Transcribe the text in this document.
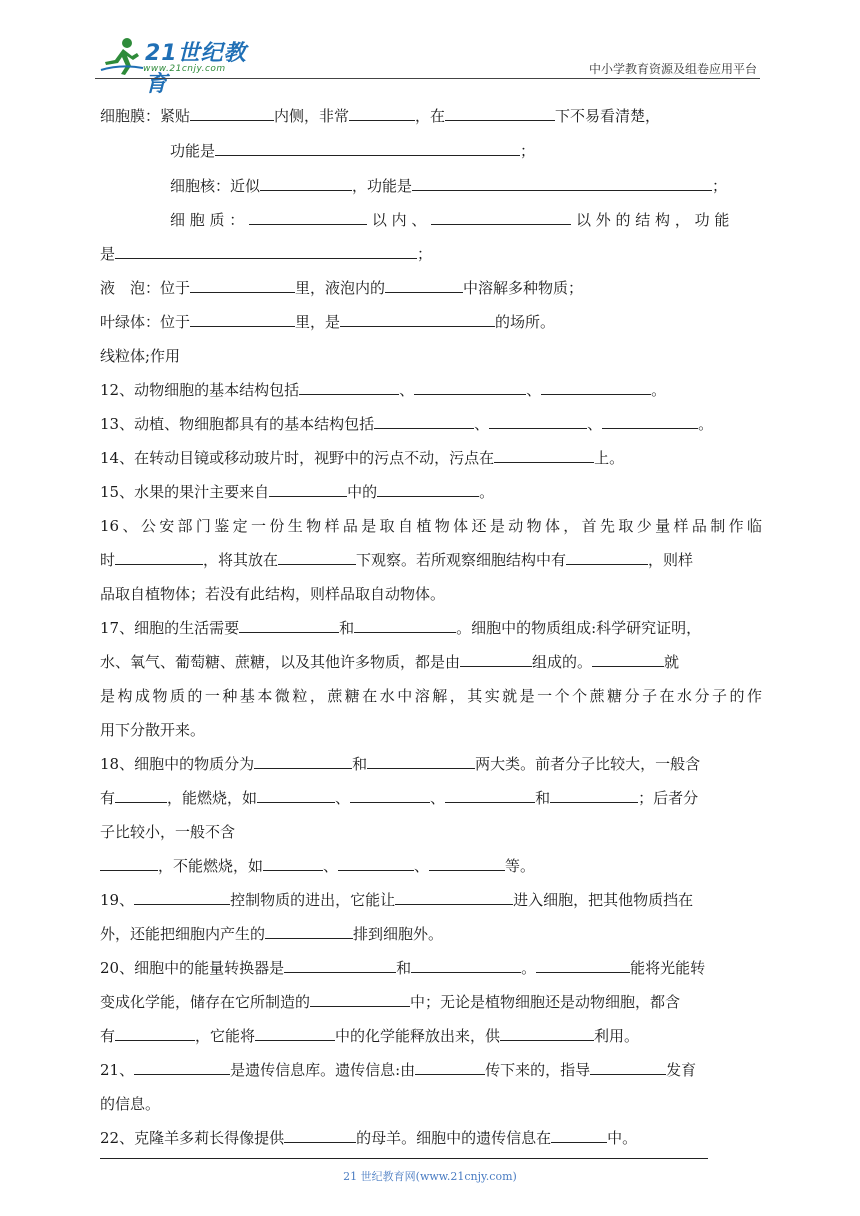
21世纪教育
www.21cnjy.com	中小学教育资源及组卷应用平台
细胞膜：紧贴	内侧，非常	，在	下不易看清楚，
功能是	；
细胞核：近似	，功能是	；
细 胞 质 ：	以 内 、	以 外 的 结 构 ， 功 能
是	；
液　泡：位于	里，液泡内的	中溶解多种物质；
叶绿体：位于	里，是	的场所。
线粒体;作用
12、动物细胞的基本结构包括	、	、	。
13、动植、物细胞都具有的基本结构包括	、	、	。
14、在转动目镜或移动玻片时，视野中的污点不动，污点在	上。
15、水果的果汁主要来自	中的	。
16、公安部门鉴定一份生物样品是取自植物体还是动物体，首先取少量样品制作临
时	，将其放在	下观察。若所观察细胞结构中有	，则样
品取自植物体；若没有此结构，则样品取自动物体。
17、细胞的生活需要	和	。细胞中的物质组成:科学研究证明，
水、氧气、葡萄糖、蔗糖，以及其他许多物质，都是由	组成的。	就
是构成物质的一种基本微粒，蔗糖在水中溶解，其实就是一个个蔗糖分子在水分子的作
用下分散开来。
18、细胞中的物质分为	和	两大类。前者分子比较大，一般含
有	，能燃烧，如	、	、	和	；后者分
子比较小，一般不含
，不能燃烧，如	、	、	等。
19、	控制物质的进出，它能让	进入细胞，把其他物质挡在
外，还能把细胞内产生的	排到细胞外。
20、细胞中的能量转换器是	和	。	能将光能转
变成化学能，储存在它所制造的	中；无论是植物细胞还是动物细胞，都含
有	，它能将	中的化学能释放出来，供	利用。
21、	是遗传信息库。遗传信息:由	传下来的，指导	发育
的信息。
22、克隆羊多莉长得像提供	的母羊。细胞中的遗传信息在	中。
21 世纪教育网(www.21cnjy.com)
